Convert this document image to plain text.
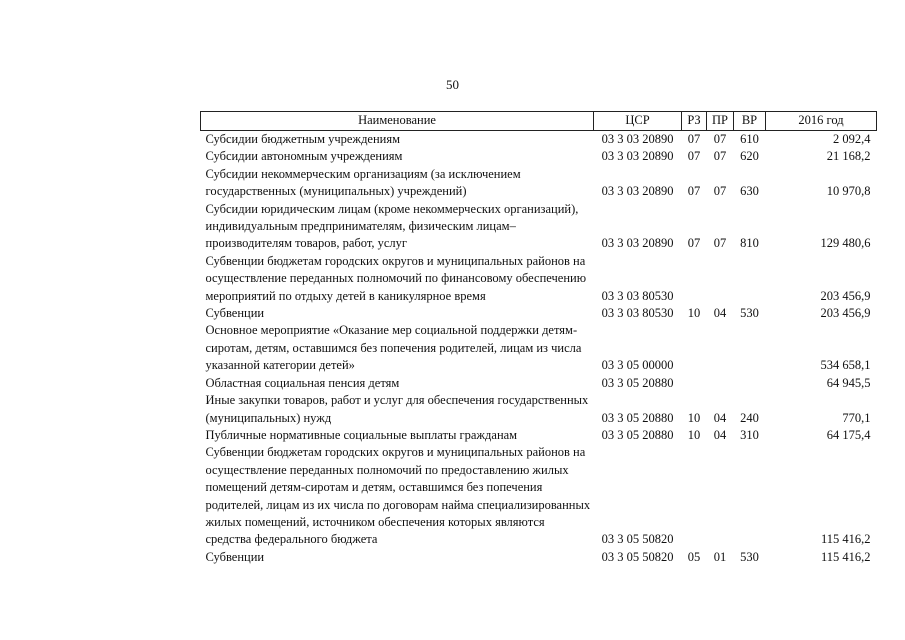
50
Наименование	ЦСР	РЗ	ПР	ВР	2016 год
Субсидии бюджетным учреждениям	03 3 03 20890	07	07	610	2 092,4
Субсидии автономным учреждениям	03 3 03 20890	07	07	620	21 168,2
Субсидии некоммерческим организациям (за исключением государственных (муниципальных) учреждений)	03 3 03 20890	07	07	630	10 970,8
Субсидии юридическим лицам (кроме некоммерческих организаций), индивидуальным предпринимателям, физическим лицам–производителям товаров, работ, услуг	03 3 03 20890	07	07	810	129 480,6
Субвенции бюджетам городских округов и муниципальных районов на осуществление переданных полномочий по финансовому обеспечению мероприятий по отдыху детей в каникулярное время	03 3 03 80530				203 456,9
Субвенции	03 3 03 80530	10	04	530	203 456,9
Основное мероприятие «Оказание мер социальной поддержки детям-сиротам, детям, оставшимся без попечения родителей, лицам из числа указанной категории детей»	03 3 05 00000				534 658,1
Областная социальная пенсия детям	03 3 05 20880				64 945,5
Иные закупки товаров, работ и услуг для обеспечения государственных (муниципальных) нужд	03 3 05 20880	10	04	240	770,1
Публичные нормативные социальные выплаты гражданам	03 3 05 20880	10	04	310	64 175,4
Субвенции бюджетам городских округов и муниципальных районов на осуществление переданных полномочий по предоставлению жилых помещений детям-сиротам и детям, оставшимся без попечения родителей, лицам из их числа по договорам найма специализированных жилых помещений, источником обеспечения которых являются средства федерального бюджета	03 3 05 50820				115 416,2
Субвенции	03 3 05 50820	05	01	530	115 416,2
